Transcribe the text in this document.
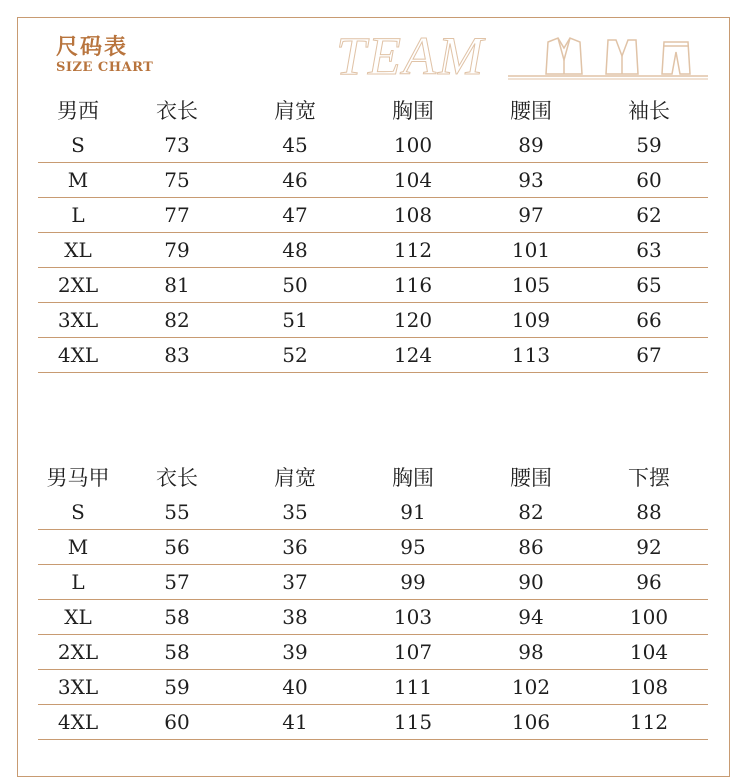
尺码表
SIZE CHART	TEAM
男西	衣长	肩宽	胸围	腰围	袖长
S	73	45	100	89	59
M	75	46	104	93	60
L	77	47	108	97	62
XL	79	48	112	101	63
2XL	81	50	116	105	65
3XL	82	51	120	109	66
4XL	83	52	124	113	67
男马甲	衣长	肩宽	胸围	腰围	下摆
S	55	35	91	82	88
M	56	36	95	86	92
L	57	37	99	90	96
XL	58	38	103	94	100
2XL	58	39	107	98	104
3XL	59	40	111	102	108
4XL	60	41	115	106	112
